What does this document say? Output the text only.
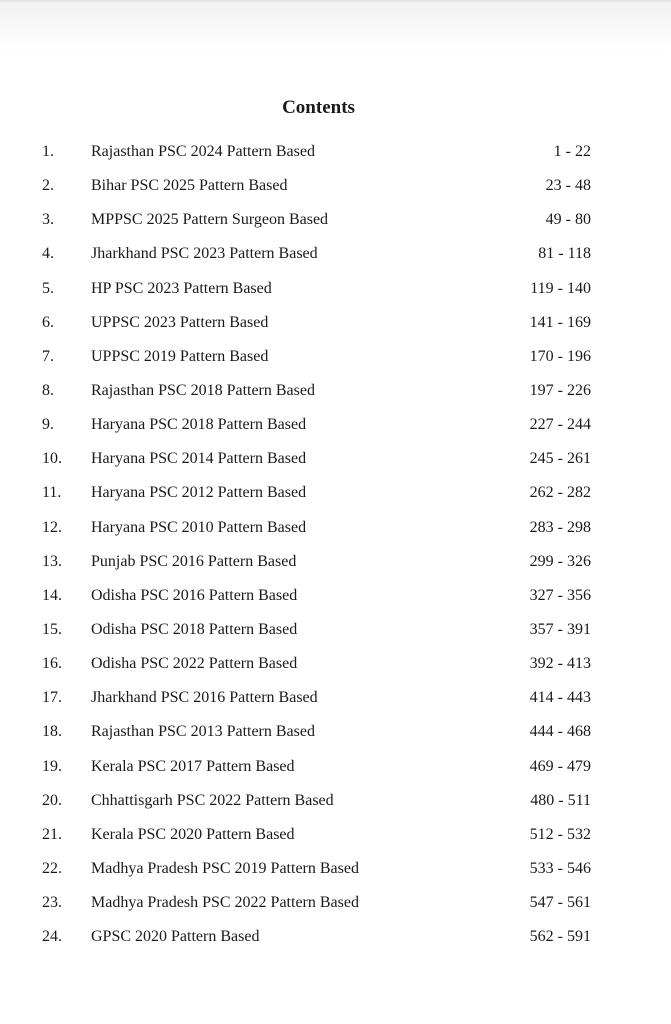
Contents
1. Rajasthan PSC 2024 Pattern Based	1 - 22
2. Bihar PSC 2025 Pattern Based	23 - 48
3. MPPSC 2025 Pattern Surgeon Based	49 - 80
4. Jharkhand PSC 2023 Pattern Based	81 - 118
5. HP PSC 2023 Pattern Based	119 - 140
6. UPPSC 2023 Pattern Based	141 - 169
7. UPPSC 2019 Pattern Based	170 - 196
8. Rajasthan PSC 2018 Pattern Based	197 - 226
9. Haryana PSC 2018 Pattern Based	227 - 244
10. Haryana PSC 2014 Pattern Based	245 - 261
11. Haryana PSC 2012 Pattern Based	262 - 282
12. Haryana PSC 2010 Pattern Based	283 - 298
13. Punjab PSC 2016 Pattern Based	299 - 326
14. Odisha PSC 2016 Pattern Based	327 - 356
15. Odisha PSC 2018 Pattern Based	357 - 391
16. Odisha PSC 2022 Pattern Based	392 - 413
17. Jharkhand PSC 2016 Pattern Based	414 - 443
18. Rajasthan PSC 2013 Pattern Based	444 - 468
19. Kerala PSC 2017 Pattern Based	469 - 479
20. Chhattisgarh PSC 2022 Pattern Based	480 - 511
21. Kerala PSC 2020 Pattern Based	512 - 532
22. Madhya Pradesh PSC 2019 Pattern Based	533 - 546
23. Madhya Pradesh PSC 2022 Pattern Based	547 - 561
24. GPSC 2020 Pattern Based	562 - 591
